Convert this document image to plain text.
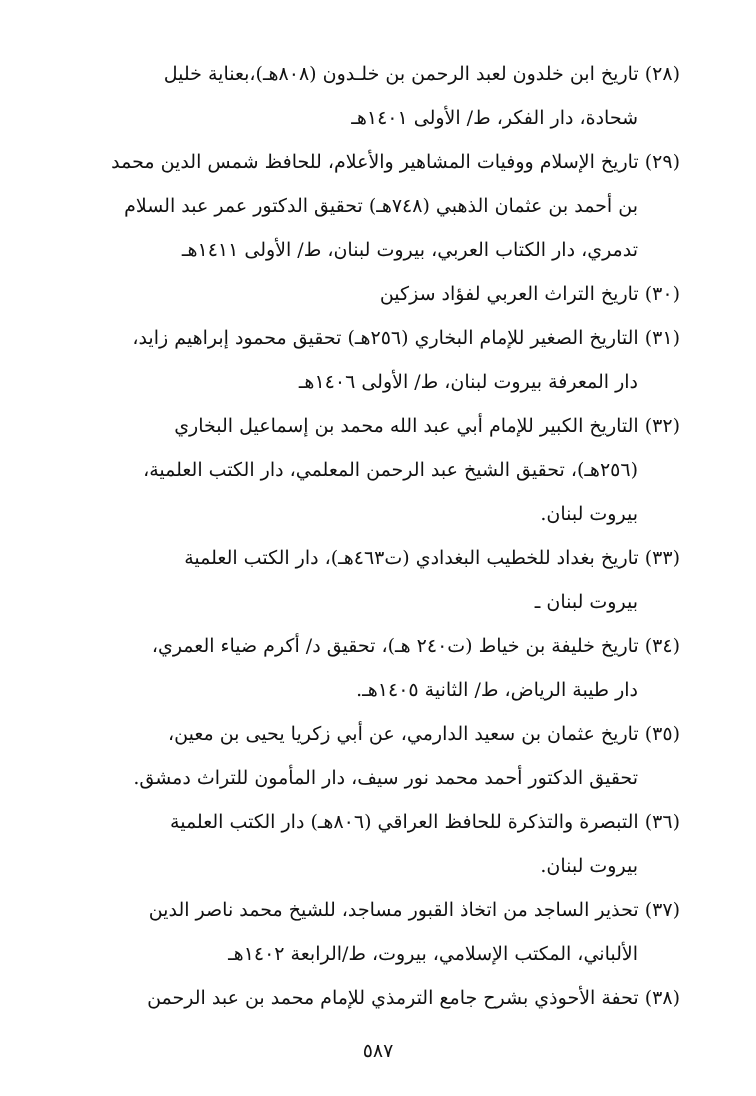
(٢٨) تاريخ ابن خلدون لعبد الرحمن بن خلـدون (٨٠٨هـ)،بعناية خليل
شحادة، دار الفكر، ط/ الأولى ١٤٠١هـ
(٢٩) تاريخ الإسلام ووفيات المشاهير والأعلام، للحافظ شمس الدين محمد
بن أحمد بن عثمان الذهبي (٧٤٨هـ) تحقيق الدكتور عمر عبد السلام
تدمري، دار الكتاب العربي، بيروت لبنان، ط/ الأولى ١٤١١هـ
(٣٠) تاريخ التراث العربي لفؤاد سزكين
(٣١) التاريخ الصغير للإمام البخاري (٢٥٦هـ) تحقيق محمود إبراهيم زايد،
دار المعرفة بيروت لبنان، ط/ الأولى ١٤٠٦هـ
(٣٢) التاريخ الكبير للإمام أبي عبد الله محمد بن إسماعيل البخاري
(٢٥٦هـ)، تحقيق الشيخ عبد الرحمن المعلمي، دار الكتب العلمية،
بيروت لبنان.
(٣٣) تاريخ بغداد للخطيب البغدادي (ت٤٦٣هـ)، دار الكتب العلمية
بيروت لبنان ـ
(٣٤) تاريخ خليفة بن خياط (ت٢٤٠ هـ)، تحقيق د/ أكرم ضياء العمري،
دار طيبة الرياض، ط/ الثانية ١٤٠٥هـ.
(٣٥) تاريخ عثمان بن سعيد الدارمي، عن أبي زكريا يحيى بن معين،
تحقيق الدكتور أحمد محمد نور سيف، دار المأمون للتراث دمشق.
(٣٦) التبصرة والتذكرة للحافظ العراقي (٨٠٦هـ) دار الكتب العلمية
بيروت لبنان.
(٣٧) تحذير الساجد من اتخاذ القبور مساجد، للشيخ محمد ناصر الدين
الألباني، المكتب الإسلامي، بيروت، ط/الرابعة ١٤٠٢هـ
(٣٨) تحفة الأحوذي بشرح جامع الترمذي للإمام محمد بن عبد الرحمن
٥٨٧
